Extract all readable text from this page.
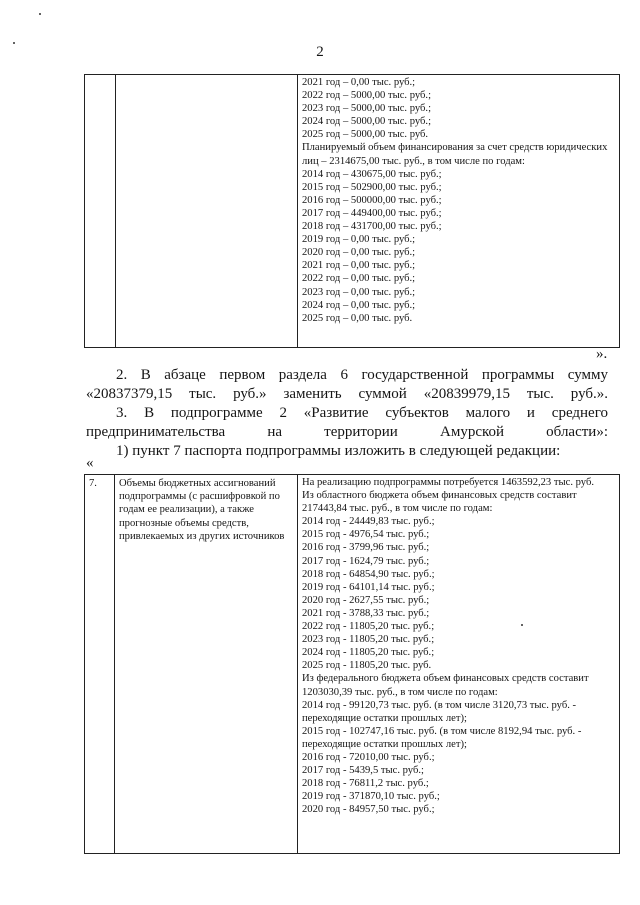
2

2021 год – 0,00 тыс. руб.;
2022 год – 5000,00 тыс. руб.;
2023 год – 5000,00 тыс. руб.;
2024 год – 5000,00 тыс. руб.;
2025 год – 5000,00 тыс. руб.
Планируемый объем финансирования за счет средств юридических лиц – 2314675,00 тыс. руб., в том числе по годам:
2014 год – 430675,00 тыс. руб.;
2015 год – 502900,00 тыс. руб.;
2016 год – 500000,00 тыс. руб.;
2017 год – 449400,00 тыс. руб.;
2018 год – 431700,00 тыс. руб.;
2019 год – 0,00 тыс. руб.;
2020 год – 0,00 тыс. руб.;
2021 год – 0,00 тыс. руб.;
2022 год – 0,00 тыс. руб.;
2023 год – 0,00 тыс. руб.;
2024 год – 0,00 тыс. руб.;
2025 год – 0,00 тыс. руб.
».
2. В абзаце первом раздела 6 государственной программы сумму «20837379,15 тыс. руб.» заменить суммой «20839979,15 тыс. руб.».
3. В подпрограмме 2 «Развитие субъектов малого и среднего предпринимательства на территории Амурской области»:
1) пункт 7 паспорта подпрограммы изложить в следующей редакции:
«
7.	Объемы бюджетных ассигнований подпрограммы (с расшифровкой по годам ее реализации), а также прогнозные объемы средств, привлекаемых из других источников

На реализацию подпрограммы потребуется 1463592,23 тыс. руб.
Из областного бюджета объем финансовых средств составит 217443,84 тыс. руб., в том числе по годам:
2014 год - 24449,83 тыс. руб.;
2015 год - 4976,54 тыс. руб.;
2016 год - 3799,96 тыс. руб.;
2017 год - 1624,79 тыс. руб.;
2018 год - 64854,90 тыс. руб.;
2019 год - 64101,14 тыс. руб.;
2020 год - 2627,55 тыс. руб.;
2021 год - 3788,33 тыс. руб.;
2022 год - 11805,20 тыс. руб.;
2023 год - 11805,20 тыс. руб.;
2024 год - 11805,20 тыс. руб.;
2025 год - 11805,20 тыс. руб.
Из федерального бюджета объем финансовых средств составит 1203030,39 тыс. руб., в том числе по годам:
2014 год - 99120,73 тыс. руб. (в том числе 3120,73 тыс. руб. - переходящие остатки прошлых лет);
2015 год - 102747,16 тыс. руб. (в том числе 8192,94 тыс. руб. - переходящие остатки прошлых лет);
2016 год - 72010,00 тыс. руб.;
2017 год - 5439,5 тыс. руб.;
2018 год - 76811,2 тыс. руб.;
2019 год - 371870,10 тыс. руб.;
2020 год - 84957,50 тыс. руб.;
